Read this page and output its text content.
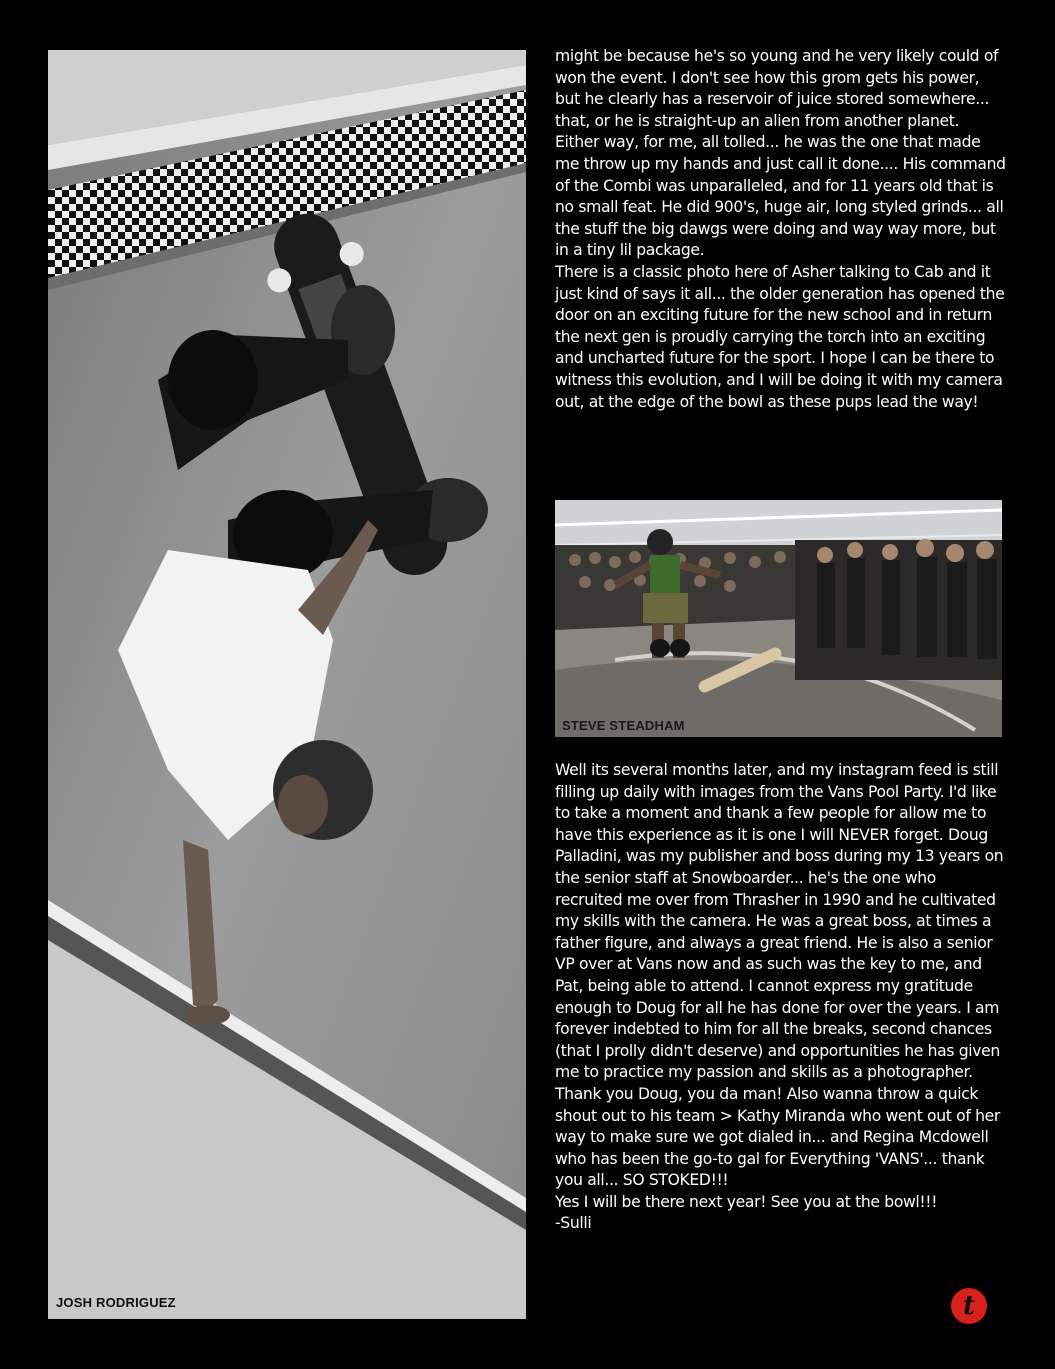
JOSH RODRIGUEZ

might be because he's so young and he very likely could of won the event. I don't see how this grom gets his power, but he clearly has a reservoir of juice stored somewhere... that, or he is straight-up an alien from another planet. Either way, for me, all tolled... he was the one that made me throw up my hands and just call it done.... His command of the Combi was unparalleled, and for 11 years old that is no small feat. He did 900's, huge air, long styled grinds... all the stuff the big dawgs were doing and way way more, but in a tiny lil package.

There is a classic photo here of Asher talking to Cab and it just kind of says it all... the older generation has opened the door on an exciting future for the new school and in return the next gen is proudly carrying the torch into an exciting and uncharted future for the sport. I hope I can be there to witness this evolution, and I will be doing it with my camera out, at the edge of the bowl as these pups lead the way!

STEVE STEADHAM

Well its several months later, and my instagram feed is still filling up daily with images from the Vans Pool Party. I'd like to take a moment and thank a few people for allow me to have this experience as it is one I will NEVER forget. Doug Palladini, was my publisher and boss during my 13 years on the senior staff at Snowboarder... he's the one who recruited me over from Thrasher in 1990 and he cultivated my skills with the camera. He was a great boss, at times a father figure, and always a great friend. He is also a senior VP over at Vans now and as such was the key to me, and Pat, being able to attend. I cannot express my gratitude enough to Doug for all he has done for over the years. I am forever indebted to him for all the breaks, second chances (that I prolly didn't deserve) and opportunities he has given me to practice my passion and skills as a photographer. Thank you Doug, you da man! Also wanna throw a quick shout out to his team > Kathy Miranda who went out of her way to make sure we got dialed in... and Regina Mcdowell who has been the go-to gal for Everything 'VANS'... thank you all... SO STOKED!!!

Yes I will be there next year! See you at the bowl!!!

-Sulli

t
